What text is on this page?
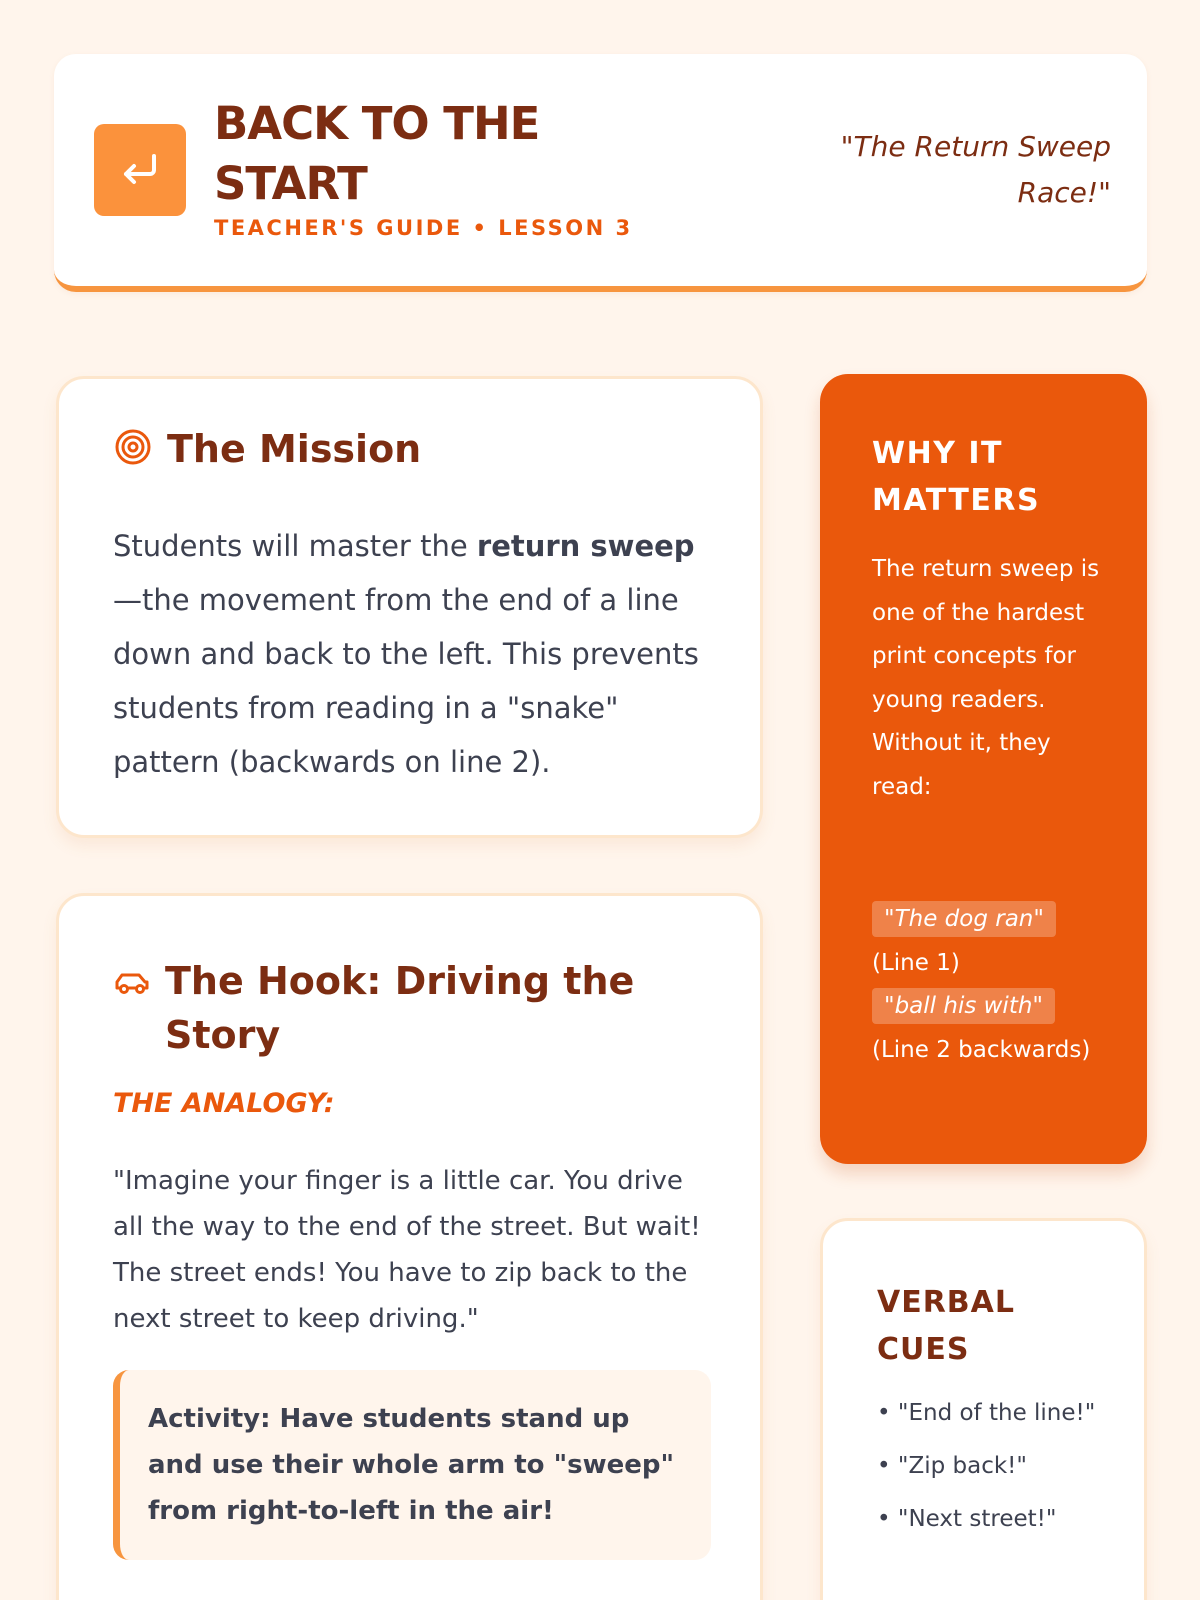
BACK TO THE START
TEACHER'S GUIDE • LESSON 3
"The Return Sweep Race!"
The Mission

Students will master the return sweep—the movement from the end of a line down and back to the left. This prevents students from reading in a "snake" pattern (backwards on line 2).

The Hook: Driving the Story
THE ANALOGY:
"Imagine your finger is a little car. You drive all the way to the end of the street. But wait! The street ends! You have to zip back to the next street to keep driving."
Activity: Have students stand up and use their whole arm to "sweep" from right-to-left in the air!
WHY IT MATTERS
The return sweep is one of the hardest print concepts for young readers. Without it, they read:
"The dog ran"
(Line 1)
"ball his with"
(Line 2 backwards)
VERBAL CUES
• "End of the line!"
• "Zip back!"
• "Next street!"
